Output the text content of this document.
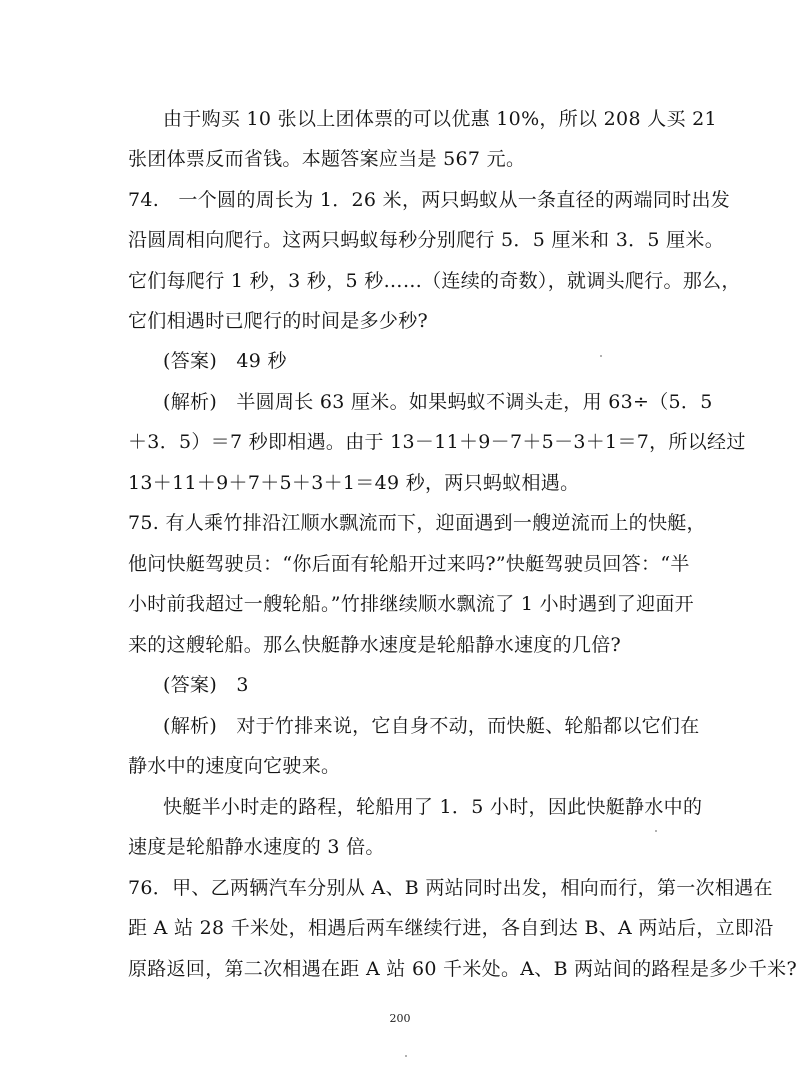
由于购买 10 张以上团体票的可以优惠 10%，所以 208 人买 21
张团体票反而省钱。本题答案应当是 567 元。
74.　一个圆的周长为 1．26 米，两只蚂蚁从一条直径的两端同时出发
沿圆周相向爬行。这两只蚂蚁每秒分别爬行 5．5 厘米和 3．5 厘米。
它们每爬行 1 秒，3 秒，5 秒……（连续的奇数），就调头爬行。那么，
它们相遇时已爬行的时间是多少秒?
(答案)　49 秒
(解析)　半圆周长 63 厘米。如果蚂蚁不调头走，用 63÷（5．5
＋3．5）＝7 秒即相遇。由于 13－11＋9－7＋5－3＋1＝7，所以经过
13＋11＋9＋7＋5＋3＋1＝49 秒，两只蚂蚁相遇。
75. 有人乘竹排沿江顺水飘流而下，迎面遇到一艘逆流而上的快艇，
他问快艇驾驶员：“你后面有轮船开过来吗?”快艇驾驶员回答：“半
小时前我超过一艘轮船。”竹排继续顺水飘流了 1 小时遇到了迎面开
来的这艘轮船。那么快艇静水速度是轮船静水速度的几倍?
(答案)　3
(解析)　对于竹排来说，它自身不动，而快艇、轮船都以它们在
静水中的速度向它驶来。
快艇半小时走的路程，轮船用了 1．5 小时，因此快艇静水中的
速度是轮船静水速度的 3 倍。
76．甲、乙两辆汽车分别从 A、B 两站同时出发，相向而行，第一次相遇在
距 A 站 28 千米处，相遇后两车继续行进，各自到达 B、A 两站后，立即沿
原路返回，第二次相遇在距 A 站 60 千米处。A、B 两站间的路程是多少千米?
200
